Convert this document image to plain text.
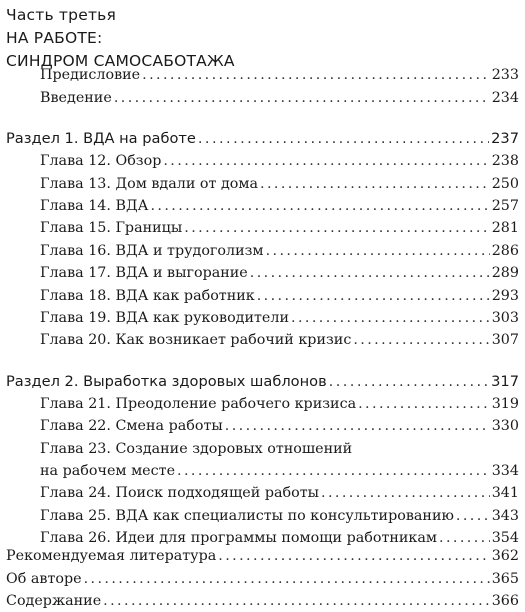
Часть третья
НА РАБОТЕ:
СИНДРОМ САМОСАБОТАЖА
Предисловие .....	233
Введение .....	234
Раздел 1. ВДА на работе .....	237
Глава 12. Обзор .....	238
Глава 13. Дом вдали от дома .....	250
Глава 14. ВДА .....	257
Глава 15. Границы .....	281
Глава 16. ВДА и трудоголизм .....	286
Глава 17. ВДА и выгорание .....	289
Глава 18. ВДА как работник .....	293
Глава 19. ВДА как руководители .....	303
Глава 20. Как возникает рабочий кризис .....	307
Раздел 2. Выработка здоровых шаблонов .....	317
Глава 21. Преодоление рабочего кризиса .....	319
Глава 22. Смена работы .....	330
Глава 23. Создание здоровых отношений
на рабочем месте .....	334
Глава 24. Поиск подходящей работы .....	341
Глава 25. ВДА как специалисты по консультированию .....	343
Глава 26. Идеи для программы помощи работникам .....	354
Рекомендуемая литература .....	362
Об авторе .....	365
Содержание .....	366
